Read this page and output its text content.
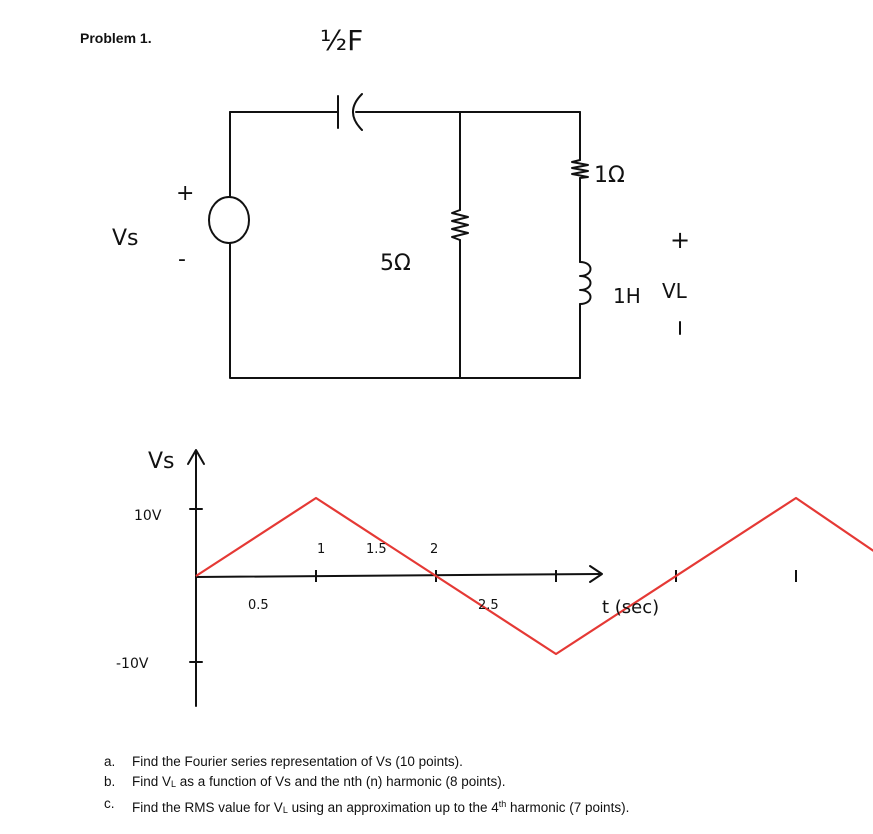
Problem 1.	½F
Vs
+
-	5Ω
1Ω
1H VL
+
Vs
t (sec)
10V
-10V
1	1.5	2
0.5	2.5
a. Find the Fourier series representation of Vs (10 points).
b. Find VL as a function of Vs and the nth (n) harmonic (8 points).
c. Find the RMS value for VL using an approximation up to the 4th harmonic (7 points).
